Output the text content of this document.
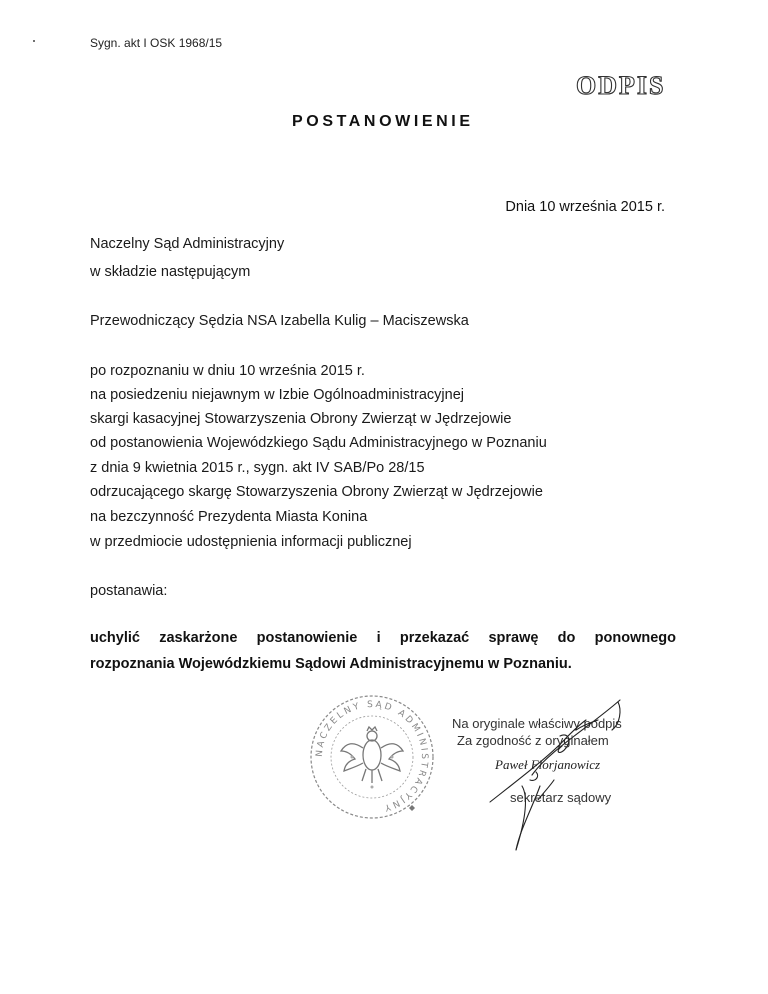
Sygn. akt I OSK 1968/15
ODPIS
POSTANOWIENIE
Dnia 10 września 2015 r.
Naczelny Sąd Administracyjny
w składzie następującym
Przewodniczący Sędzia NSA Izabella Kulig – Maciszewska
po rozpoznaniu w dniu 10 września 2015 r.
na posiedzeniu niejawnym w Izbie Ogólnoadministracyjnej
skargi kasacyjnej Stowarzyszenia Obrony Zwierząt w Jędrzejowie
od postanowienia Wojewódzkiego Sądu Administracyjnego w Poznaniu
z dnia 9 kwietnia 2015 r., sygn. akt IV SAB/Po 28/15
odrzucającego skargę Stowarzyszenia Obrony Zwierząt w Jędrzejowie
na bezczynność Prezydenta Miasta Konina
w przedmiocie udostępnienia informacji publicznej
postanawia:
uchylić zaskarżone postanowienie i przekazać sprawę do ponownego
rozpoznania Wojewódzkiemu Sądowi Administracyjnemu w Poznaniu.
NACZELNY SĄD ADMINISTRACYJNY
Na oryginale właściwy podpis
Za zgodność z oryginałem
Paweł Florjanowicz
sekretarz sądowy
